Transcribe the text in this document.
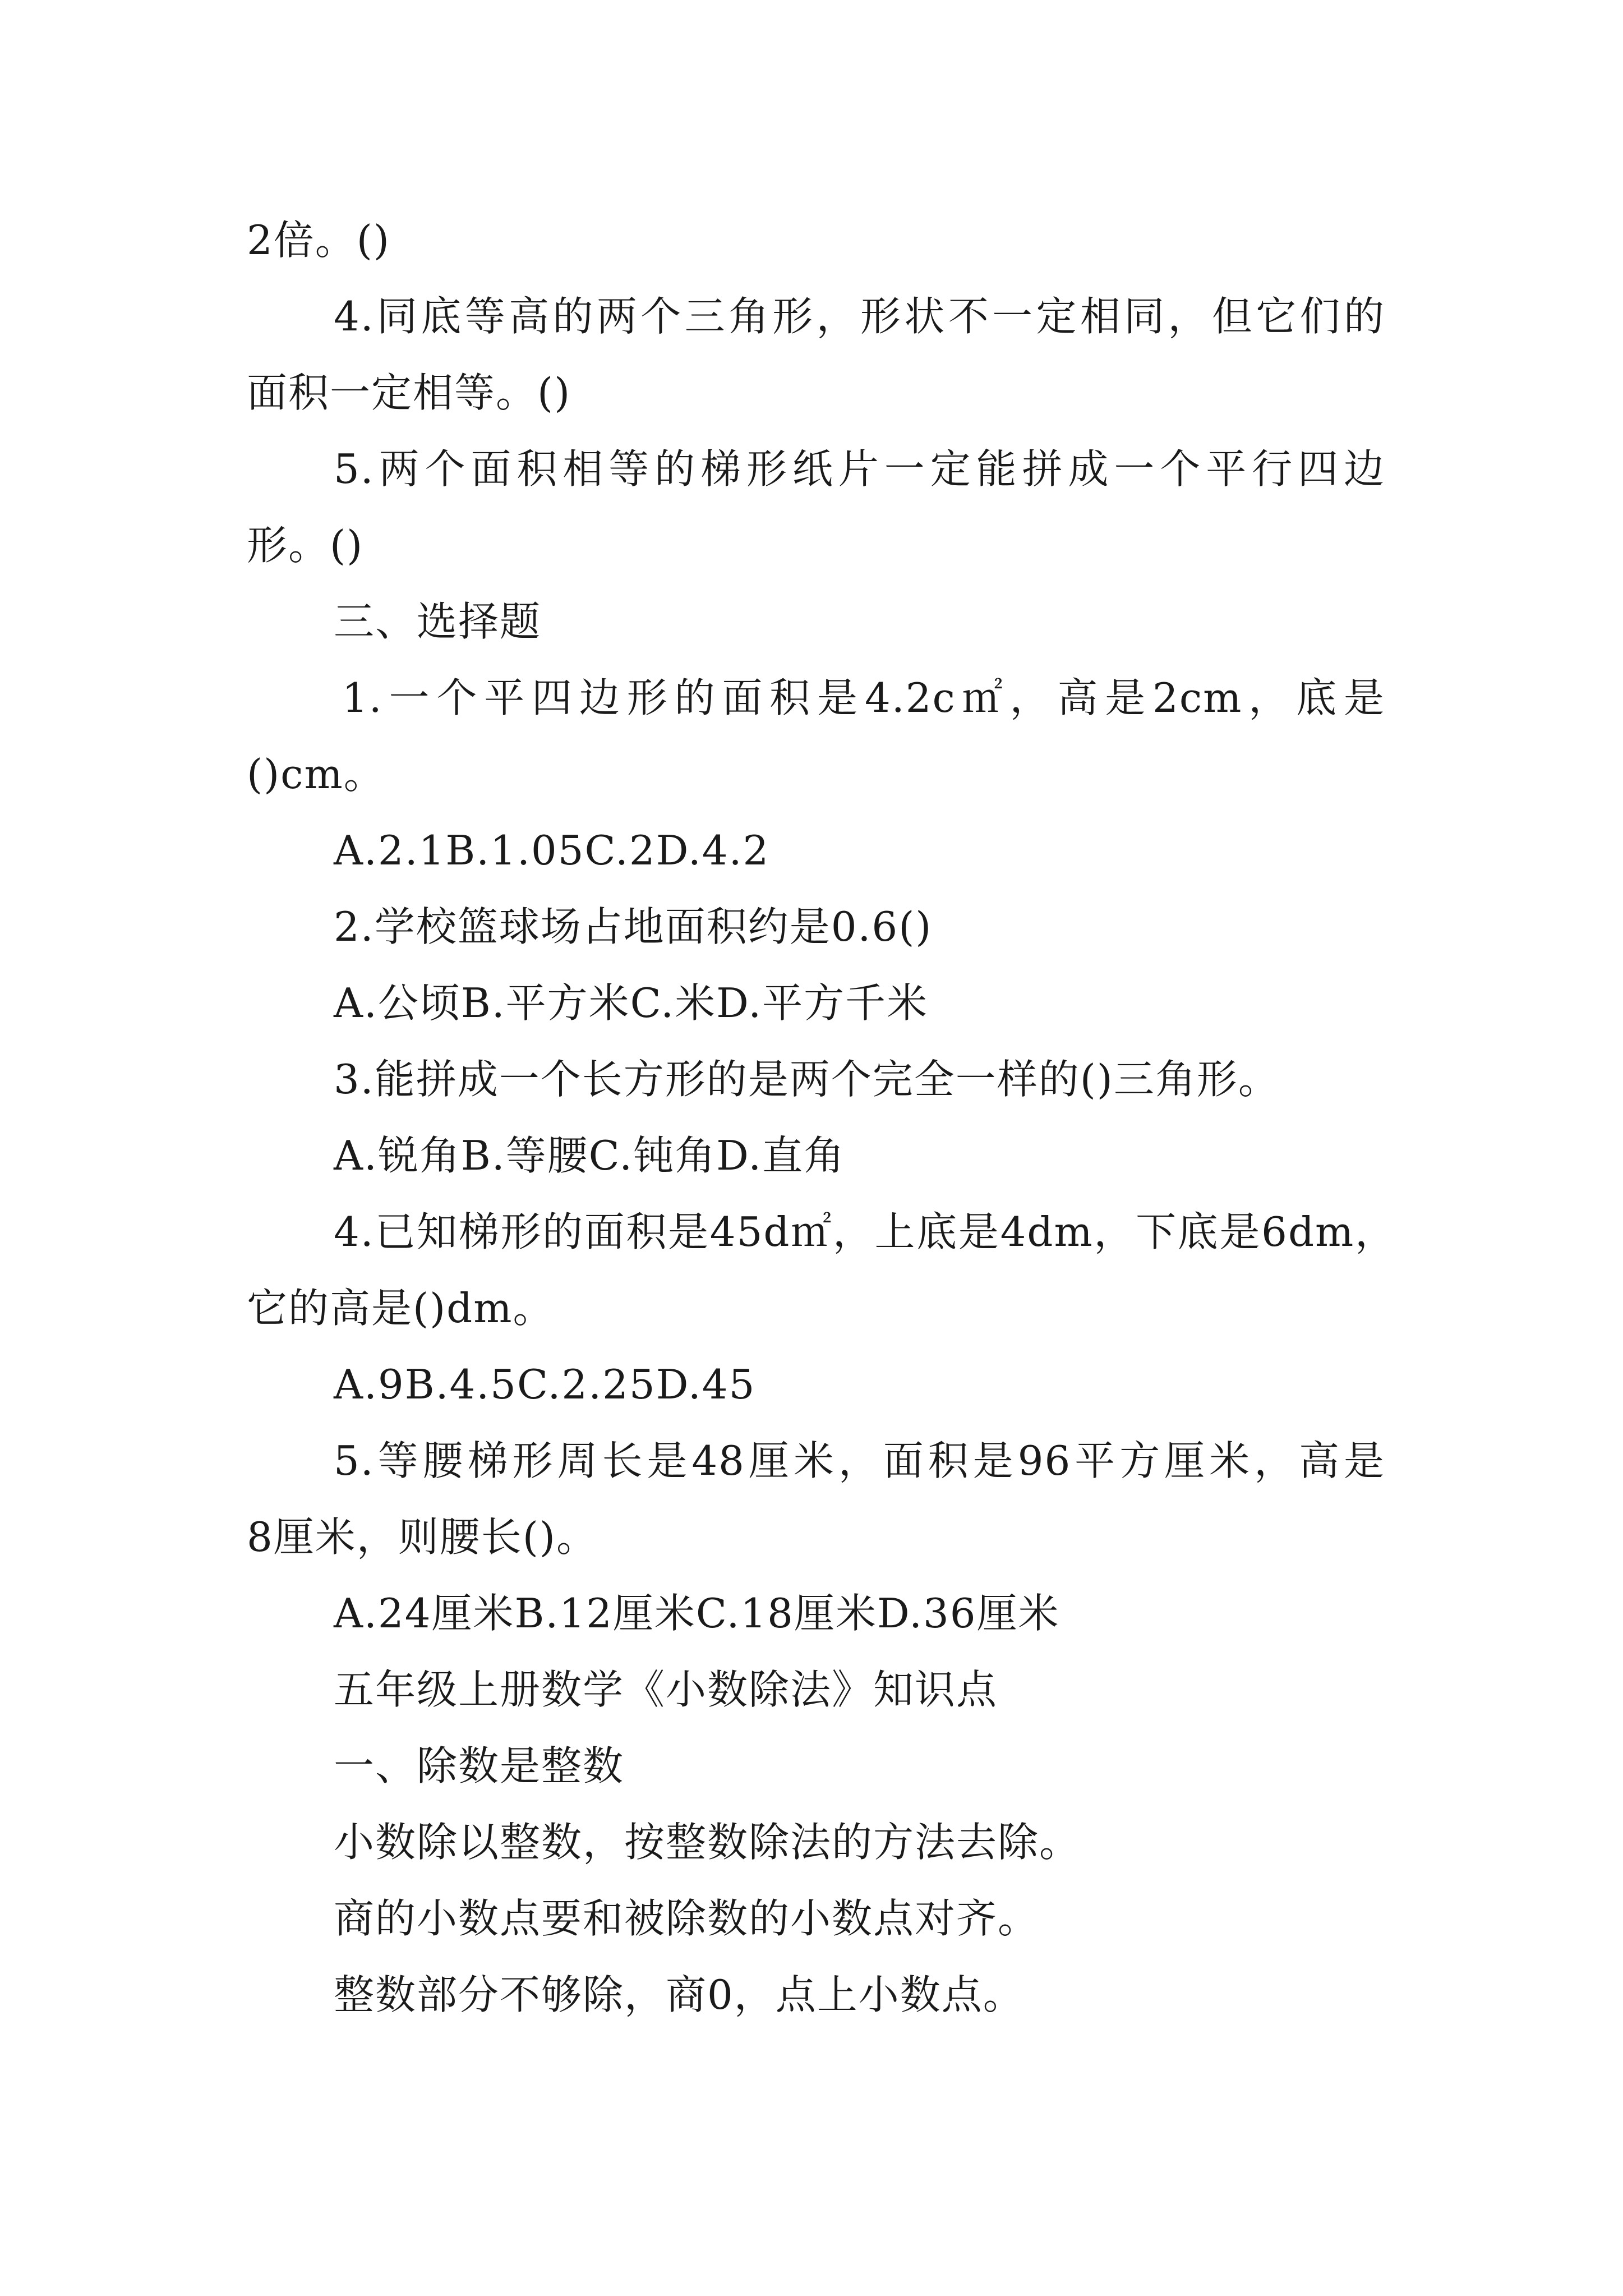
2倍。()
4.同底等高的两个三角形，形状不一定相同，但它们的
面积一定相等。()
5.两个面积相等的梯形纸片一定能拼成一个平行四边
形。()
三、选择题
1.一个平四边形的面积是4.2c㎡，高是2cm，底是
()cm。
A.2.1B.1.05C.2D.4.2
2.学校篮球场占地面积约是0.6()
A.公顷B.平方米C.米D.平方千米
3.能拼成一个长方形的是两个完全一样的()三角形。
A.锐角B.等腰C.钝角D.直角
4.已知梯形的面积是45d㎡，上底是4dm，下底是6dm，
它的高是()dm。
A.9B.4.5C.2.25D.45
5.等腰梯形周长是48厘米，面积是96平方厘米，高是
8厘米，则腰长()。
A.24厘米B.12厘米C.18厘米D.36厘米
五年级上册数学《小数除法》知识点
一、除数是整数
小数除以整数，按整数除法的方法去除。
商的小数点要和被除数的小数点对齐。
整数部分不够除，商0，点上小数点。
